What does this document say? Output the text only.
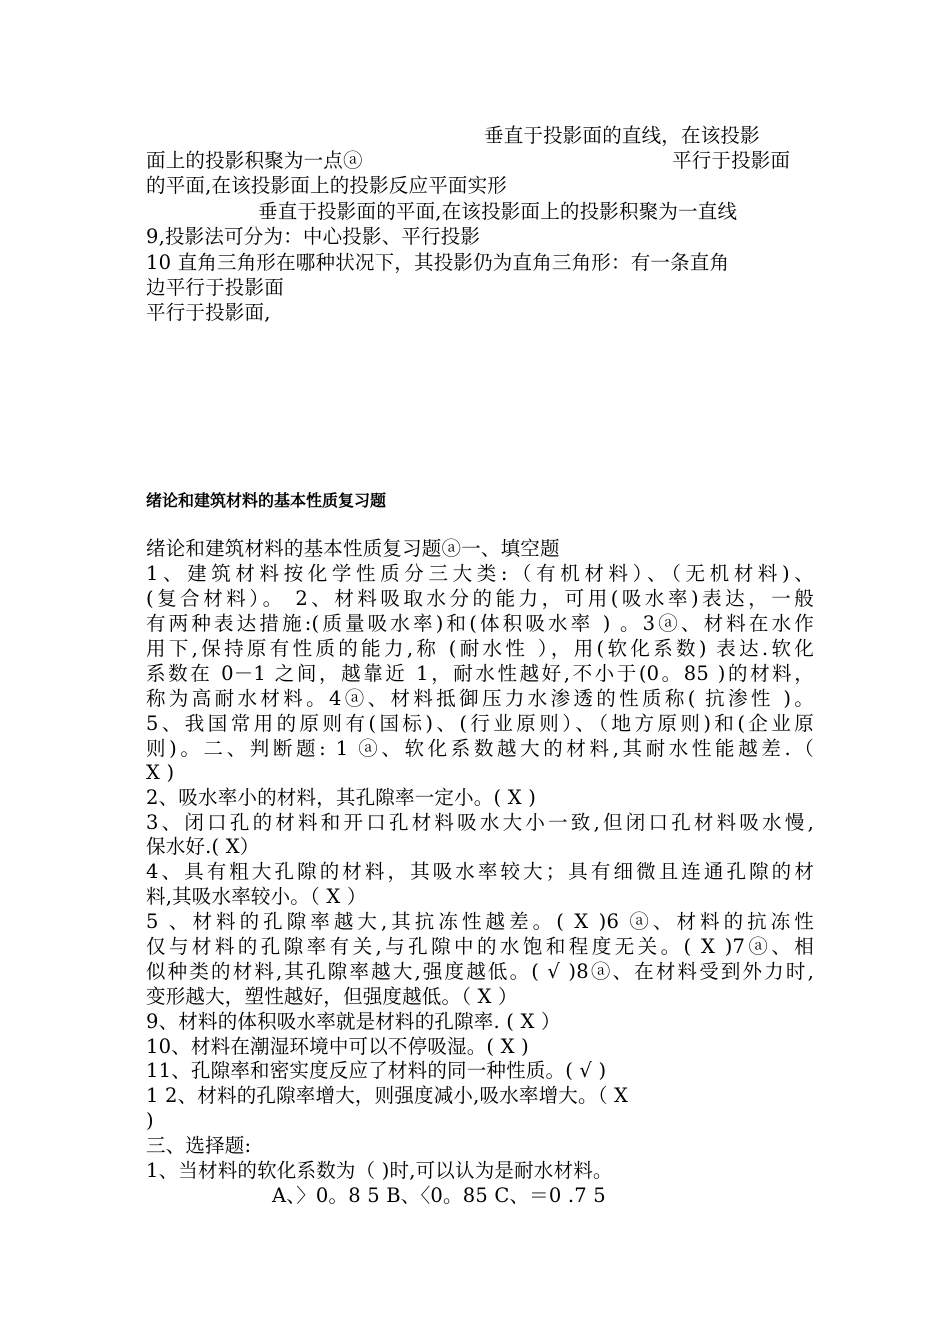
垂直于投影面的直线，在该投影
面上的投影积聚为一点ⓐ	平行于投影面
的平面,在该投影面上的投影反应平面实形
垂直于投影面的平面,在该投影面上的投影积聚为一直线
9,投影法可分为：中心投影、平行投影
10 直角三角形在哪种状况下，其投影仍为直角三角形：有一条直角
边平行于投影面
平行于投影面,
绪论和建筑材料的基本性质复习题
绪论和建筑材料的基本性质复习题ⓐ一、填空题
1、建筑材料按化学性质分三大类:（有机材料）、（无机材料)、
(复合材料）。 2、材料吸取水分的能力，可用(吸水率)表达，一般
有两种表达措施:(质量吸水率)和(体积吸水率 ) 。3ⓐ、材料在水作
用下,保持原有性质的能力,称 (耐水性 ），用(软化系数) 表达.软化
系数在 0－1 之间，越靠近 1，耐水性越好,不小于(0。85 )的材料，
称为高耐水材料。4ⓐ、材料抵御压力水渗透的性质称( 抗渗性 )。
5、我国常用的原则有(国标)、(行业原则）、（地方原则)和(企业原
则)。二、判断题: 1 ⓐ、软化系数越大的材料,其耐水性能越差.（
X )
2、吸水率小的材料，其孔隙率一定小。( X )
3、闭口孔的材料和开口孔材料吸水大小一致,但闭口孔材料吸水慢,
保水好.( X）
4、具有粗大孔隙的材料，其吸水率较大；具有细微且连通孔隙的材
料,其吸水率较小。（ X ）
5 、材料的孔隙率越大,其抗冻性越差。( X )6 ⓐ、材料的抗冻性
仅与材料的孔隙率有关,与孔隙中的水饱和程度无关。( X )7ⓐ、相
似种类的材料,其孔隙率越大,强度越低。( √ )8ⓐ、在材料受到外力时,
变形越大，塑性越好，但强度越低。（ X ）
9、材料的体积吸水率就是材料的孔隙率. ( X ）
10、材料在潮湿环境中可以不停吸湿。( X )
11、孔隙率和密实度反应了材料的同一种性质。( √ )
1 2、材料的孔隙率增大，则强度减小,吸水率增大。（ X
)
三、选择题:
1、当材料的软化系数为（ )时,可以认为是耐水材料。
A、〉0。8 5 B、〈0。85 C、＝0 .7 5
